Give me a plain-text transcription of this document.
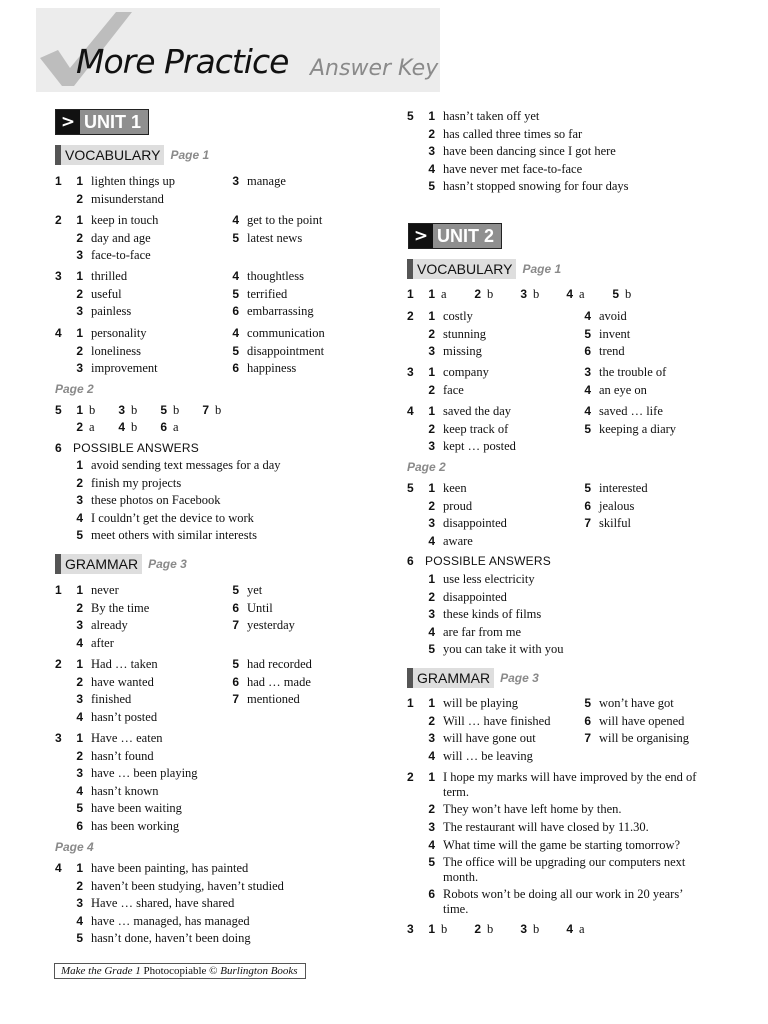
More Practice Answer Key
> UNIT 1
VOCABULARY Page 1
Page 2
GRAMMAR Page 3
Page 4
> UNIT 2
VOCABULARY Page 1
Page 2
GRAMMAR Page 3
1	1 lighten things up
2 misunderstand
3 manage
2	1 keep in touch
2 day and age
3 face-to-face
4 get to the point
5 latest news
3	1 thrilled
2 useful
3 painless
4 thoughtless
5 terrified
6 embarrassing
4	1 personality
2 loneliness
3 improvement
4 communication
5 disappointment
6 happiness
5	1 b	3 b	5 b	7 b
2 a	4 b	6 a
6 POSSIBLE ANSWERS
1 avoid sending text messages for a day
2 finish my projects
3 these photos on Facebook
4 I couldn’t get the device to work
5 meet others with similar interests
1	1 never
2 By the time
3 already
4 after
5 yet
6 Until
7 yesterday
2	1 Had … taken
2 have wanted
3 finished
4 hasn’t posted
5 had recorded
6 had … made
7 mentioned
3	1 Have … eaten
2 hasn’t found
3 have … been playing
4 hasn’t known
5 have been waiting
6 has been working
4	1 have been painting, has painted
2 haven’t been studying, haven’t studied
3 Have … shared, have shared
4 have … managed, has managed
5 hasn’t done, haven’t been doing
5	1 hasn’t taken off yet
2 has called three times so far
3 have been dancing since I got here
4 have never met face-to-face
5 hasn’t stopped snowing for four days
1	1 a	2 b	3 b	4 a	5 b
2	1 costly
2 stunning
3 missing
4 avoid
5 invent
6 trend
3	1 company
2 face
3 the trouble of
4 an eye on
4	1 saved the day
2 keep track of
3 kept … posted
4 saved … life
5 keeping a diary
5	1 keen
2 proud
3 disappointed
4 aware
5 interested
6 jealous
7 skilful
6 POSSIBLE ANSWERS
1 use less electricity
2 disappointed
3 these kinds of films
4 are far from me
5 you can take it with you
1	1 will be playing
2 Will … have finished
3 will have gone out
4 will … be leaving
5 won’t have got
6 will have opened
7 will be organising
2	1 I hope my marks will have improved by the end of
term.
2 They won’t have left home by then.
3 The restaurant will have closed by 11.30.
4 What time will the game be starting tomorrow?
5 The office will be upgrading our computers next
month.
6 Robots won’t be doing all our work in 20 years’
time.
3	1 b	2 b	3 b	4 a
Make the Grade 1
Photocopiable ©
Burlington Books
